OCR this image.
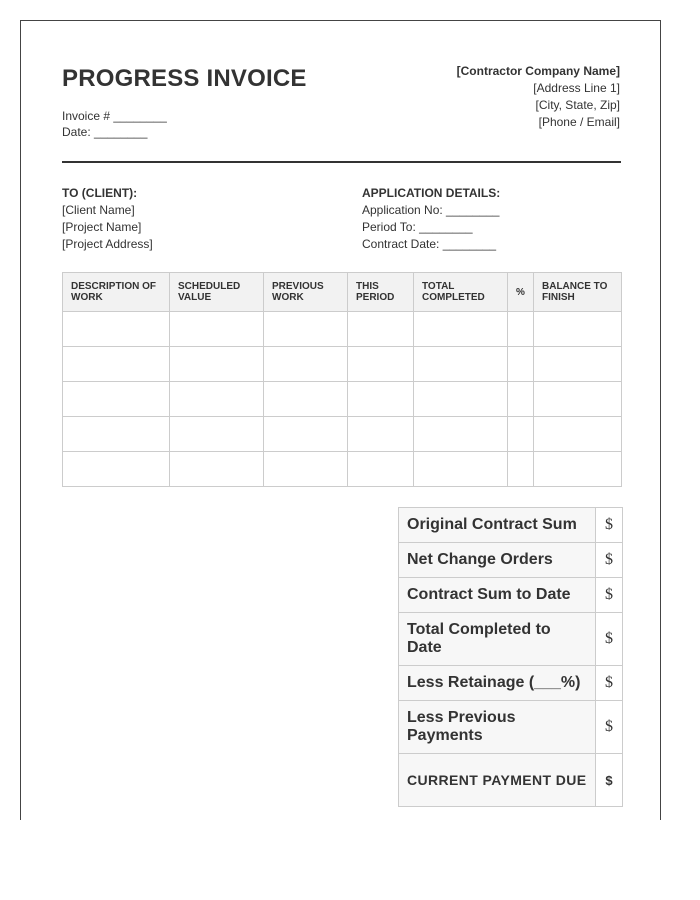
PROGRESS INVOICE
Invoice # ________
Date: ________
[Contractor Company Name]
[Address Line 1]
[City, State, Zip]
[Phone / Email]
TO (CLIENT):
[Client Name]
[Project Name]
[Project Address]
APPLICATION DETAILS:
Application No: ________
Period To: ________
Contract Date: ________
DESCRIPTION OF WORK	SCHEDULED VALUE	PREVIOUS WORK	THIS PERIOD	TOTAL COMPLETED	%	BALANCE TO FINISH

Original Contract Sum	$
Net Change Orders	$
Contract Sum to Date	$
Total Completed to Date	$
Less Retainage (___%)	$
Less Previous Payments	$
CURRENT PAYMENT DUE	$
